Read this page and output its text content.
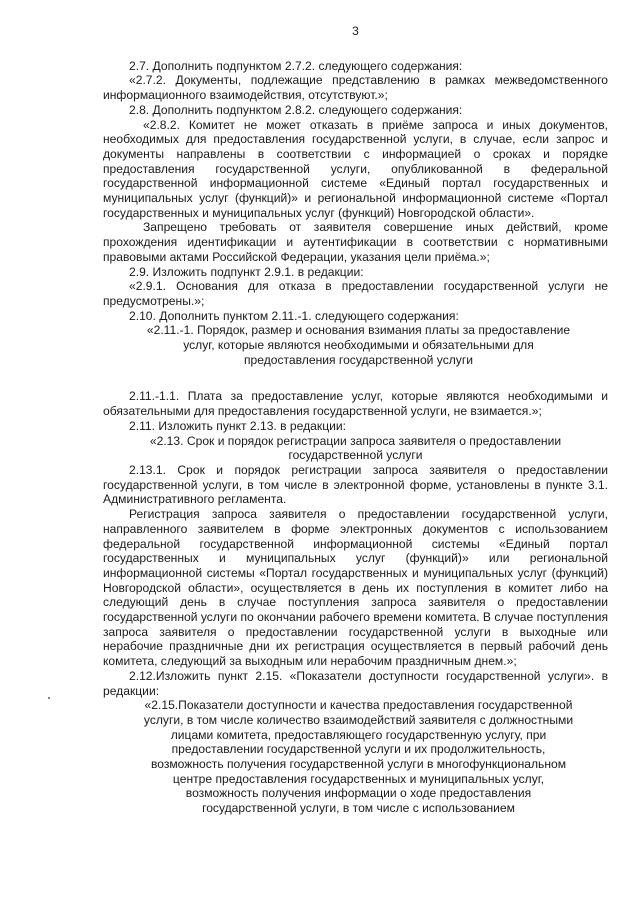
3

2.7. Дополнить подпунктом 2.7.2. следующего содержания:

«2.7.2. Документы, подлежащие представлению в рамках межведомственного информационного взаимодействия, отсутствуют.»;

2.8. Дополнить подпунктом 2.8.2. следующего содержания:

«2.8.2. Комитет не может отказать в приёме запроса и иных документов, необходимых для предоставления государственной услуги, в случае, если запрос и документы направлены в соответствии с информацией о сроках и порядке предоставления государственной услуги, опубликованной в федеральной государственной информационной системе «Единый портал государственных и муниципальных услуг (функций)» и региональной информационной системе «Портал государственных и муниципальных услуг (функций) Новгородской области».

Запрещено требовать от заявителя совершение иных действий, кроме прохождения идентификации и аутентификации в соответствии с нормативными правовыми актами Российской Федерации, указания цели приёма.»;

2.9. Изложить подпункт 2.9.1. в редакции:

«2.9.1. Основания для отказа в предоставлении государственной услуги не предусмотрены.»;

2.10. Дополнить пунктом 2.11.-1. следующего содержания:

«2.11.-1. Порядок, размер и основания взимания платы за предоставление услуг, которые являются необходимыми и обязательными для предоставления государственной услуги

2.11.-1.1. Плата за предоставление услуг, которые являются необходимыми и обязательными для предоставления государственной услуги, не взимается.»;

2.11. Изложить пункт 2.13. в редакции:

«2.13. Срок и порядок регистрации запроса заявителя о предоставлении государственной услуги

2.13.1. Срок и порядок регистрации запроса заявителя о предоставлении государственной услуги, в том числе в электронной форме, установлены в пункте 3.1. Административного регламента.

Регистрация запроса заявителя о предоставлении государственной услуги, направленного заявителем в форме электронных документов с использованием федеральной государственной информационной системы «Единый портал государственных и муниципальных услуг (функций)» или региональной информационной системы «Портал государственных и муниципальных услуг (функций) Новгородской области», осуществляется в день их поступления в комитет либо на следующий день в случае поступления запроса заявителя о предоставлении государственной услуги по окончании рабочего времени комитета. В случае поступления запроса заявителя о предоставлении государственной услуги в выходные или нерабочие праздничные дни их регистрация осуществляется в первый рабочий день комитета, следующий за выходным или нерабочим праздничным днем.»;

2.12.Изложить пункт 2.15. «Показатели доступности государственной услуги». в редакции:

«2.15.Показатели доступности и качества предоставления государственной услуги, в том числе количество взаимодействий заявителя с должностными лицами комитета, предоставляющего государственную услугу, при предоставлении государственной услуги и их продолжительность, возможность получения государственной услуги в многофункциональном центре предоставления государственных и муниципальных услуг, возможность получения информации о ходе предоставления государственной услуги, в том числе с использованием
